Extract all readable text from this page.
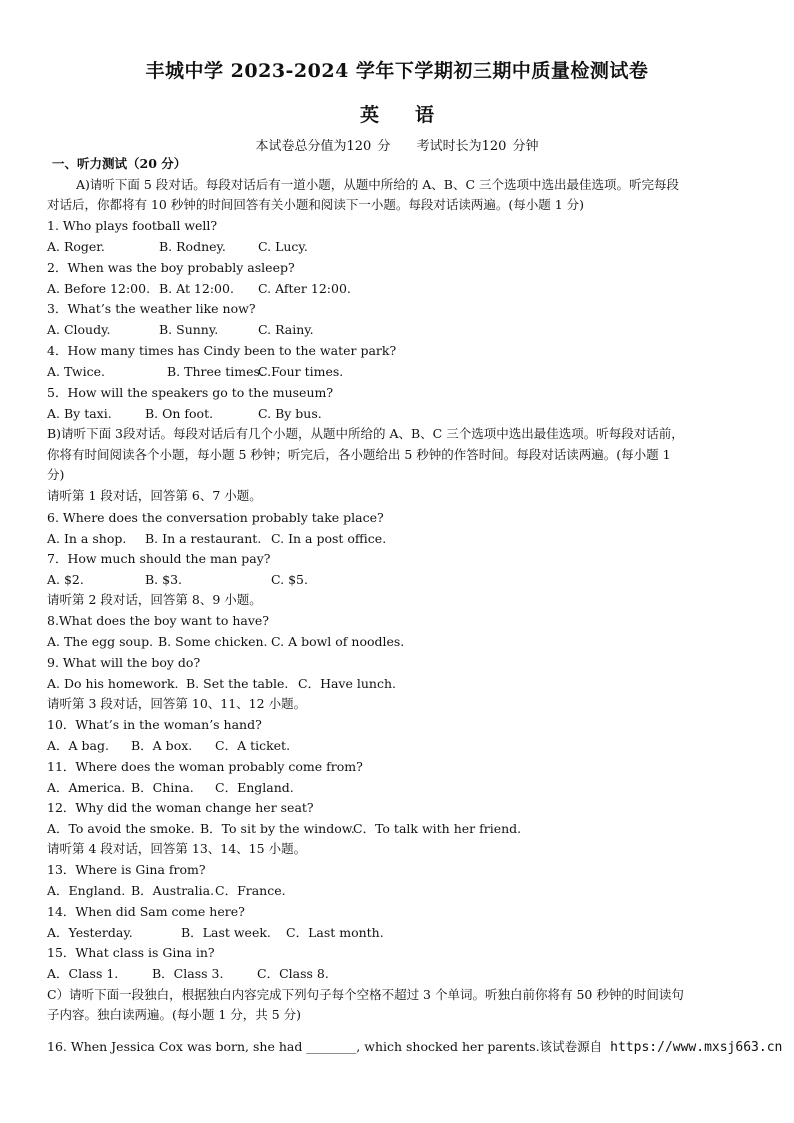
丰城中学 2023-2024 学年下学期初三期中质量检测试卷
英语
本试卷总分值为120 分 考试时长为120 分钟
一、听力测试（20 分）
A)请听下面 5 段对话。每段对话后有一道小题，从题中所给的 A、B、C 三个选项中选出最佳选项。听完每段
对话后，你都将有 10 秒钟的时间回答有关小题和阅读下一小题。每段对话读两遍。(每小题 1 分)
1. Who plays football well?
A. Roger.	B. Rodney.	C. Lucy.
2．When was the boy probably asleep?
A. Before 12:00. B. At 12:00. C. After 12:00.
3．What’s the weather like now?
A. Cloudy.	B. Sunny.	C. Rainy.
4．How many times has Cindy been to the water park?
A. Twice.	B. Three times.C.Four times.
5．How will the speakers go to the museum?
A. By taxi.	B. On foot.	C. By bus.
B)请听下面 3段对话。每段对话后有几个小题，从题中所给的 A、B、C 三个选项中选出最佳选项。听每段对话前，
你将有时间阅读各个小题，每小题 5 秒钟；听完后，各小题给出 5 秒钟的作答时间。每段对话读两遍。(每小题 1
分)
请听第 1 段对话，回答第 6、7 小题。
6. Where does the conversation probably take place?
A. In a shop. B. In a restaurant. C. In a post office.
7．How much should the man pay?
A. $2.	B. $3.	C. $5.
请听第 2 段对话，回答第 8、9 小题。
8.What does the boy want to have?
A. The egg soup. B. Some chicken. C. A bowl of noodles.
9. What will the boy do?
A. Do his homework. B. Set the table. C．Have lunch.
请听第 3 段对话，回答第 10、11、12 小题。
10．What’s in the woman’s hand?
A．A bag. B．A box. C．A ticket.
11．Where does the woman probably come from?
A．America. B．China. C．England.
12．Why did the woman change her seat?
A．To avoid the smoke. B．To sit by the window.C．To talk with her friend.
请听第 4 段对话，回答第 13、14、15 小题。
13．Where is Gina from?
A．England. B．Australia.C．France.
14．When did Sam come here?
A．Yesterday.	B．Last week. C．Last month.
15．What class is Gina in?
A．Class 1.	B．Class 3.	C．Class 8.
C）请听下面一段独白，根据独白内容完成下列句子每个空格不超过 3 个单词。听独白前你将有 50 秒钟的时间读句
子内容。独白读两遍。(每小题 1 分，共 5 分)
16. When Jessica Cox was born, she had ________, which shocked her parents.该试卷源自 https://www.mxsj663.cn
